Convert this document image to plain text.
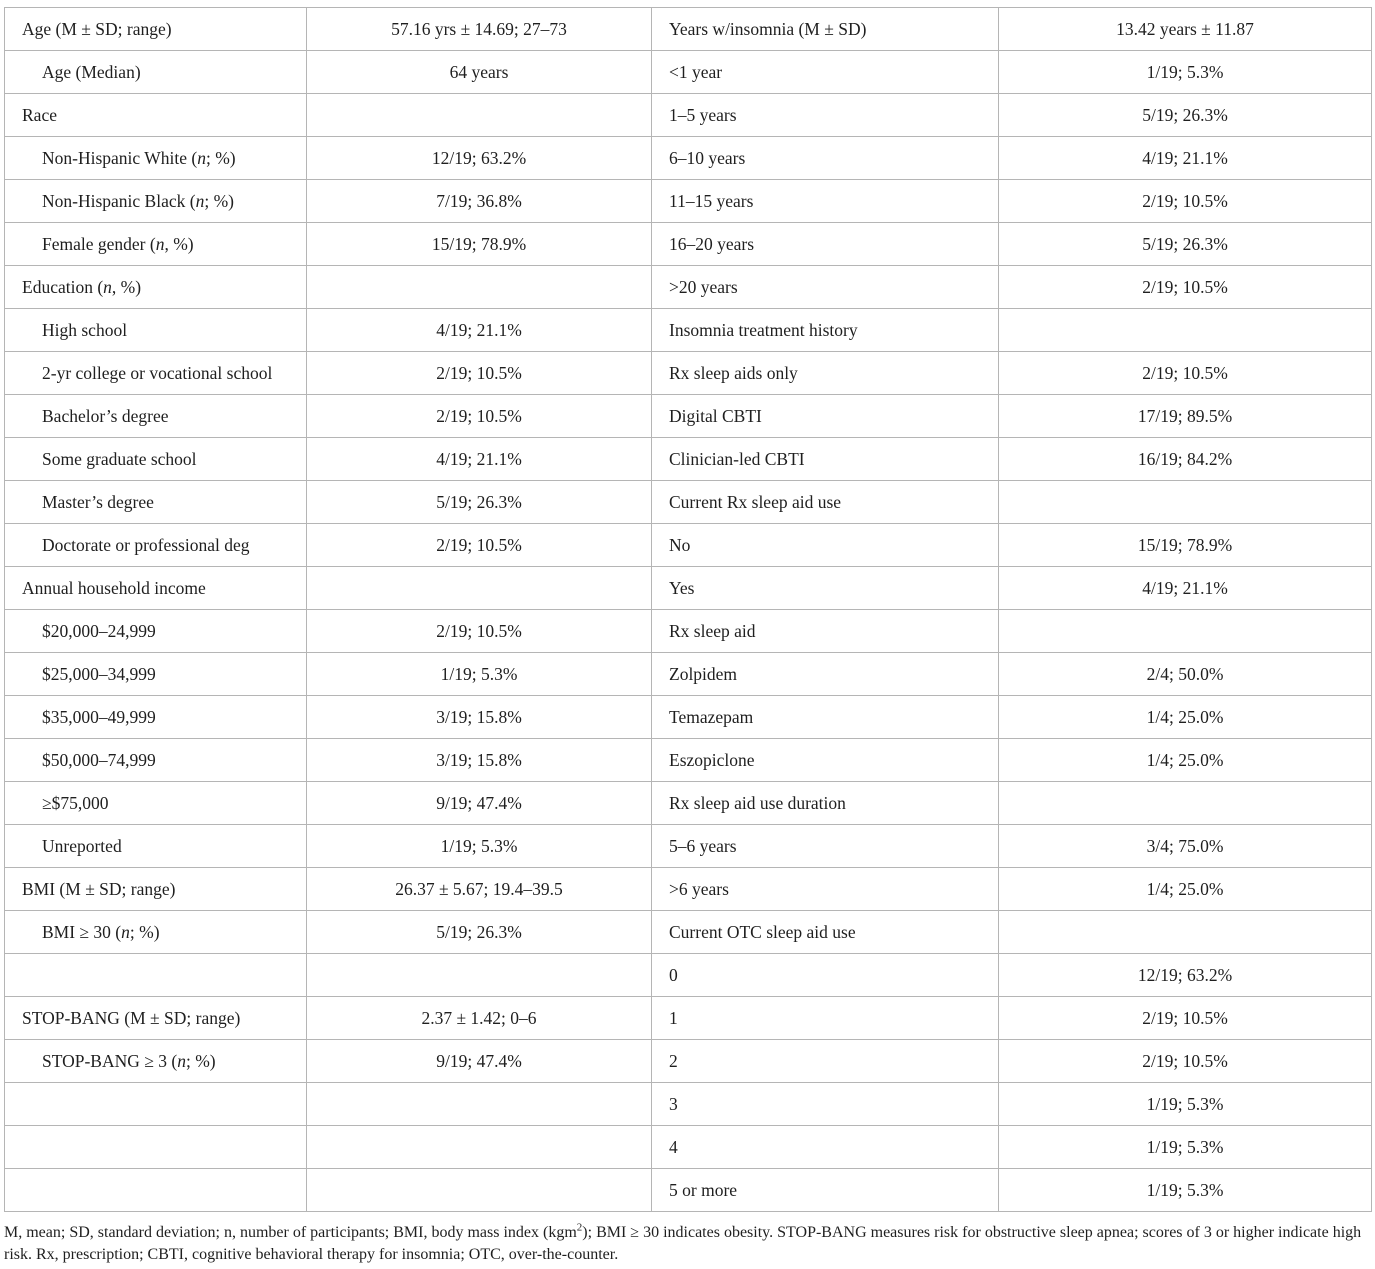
Age (M ± SD; range)	57.16 yrs ± 14.69; 27–73	Years w/insomnia (M ± SD)	13.42 years ± 11.87
Age (Median)	64 years	<1 year	1/19; 5.3%
Race		1–5 years	5/19; 26.3%
Non-Hispanic White (n; %)	12/19; 63.2%	6–10 years	4/19; 21.1%
Non-Hispanic Black (n; %)	7/19; 36.8%	11–15 years	2/19; 10.5%
Female gender (n, %)	15/19; 78.9%	16–20 years	5/19; 26.3%
Education (n, %)		>20 years	2/19; 10.5%
High school	4/19; 21.1%	Insomnia treatment history	
2-yr college or vocational school	2/19; 10.5%	Rx sleep aids only	2/19; 10.5%
Bachelor’s degree	2/19; 10.5%	Digital CBTI	17/19; 89.5%
Some graduate school	4/19; 21.1%	Clinician-led CBTI	16/19; 84.2%
Master’s degree	5/19; 26.3%	Current Rx sleep aid use	
Doctorate or professional deg	2/19; 10.5%	No	15/19; 78.9%
Annual household income		Yes	4/19; 21.1%
$20,000–24,999	2/19; 10.5%	Rx sleep aid	
$25,000–34,999	1/19; 5.3%	Zolpidem	2/4; 50.0%
$35,000–49,999	3/19; 15.8%	Temazepam	1/4; 25.0%
$50,000–74,999	3/19; 15.8%	Eszopiclone	1/4; 25.0%
≥$75,000	9/19; 47.4%	Rx sleep aid use duration	
Unreported	1/19; 5.3%	5–6 years	3/4; 75.0%
BMI (M ± SD; range)	26.37 ± 5.67; 19.4–39.5	>6 years	1/4; 25.0%
BMI ≥ 30 (n; %)	5/19; 26.3%	Current OTC sleep aid use	
		0	12/19; 63.2%
STOP-BANG (M ± SD; range)	2.37 ± 1.42; 0–6	1	2/19; 10.5%
STOP-BANG ≥ 3 (n; %)	9/19; 47.4%	2	2/19; 10.5%
		3	1/19; 5.3%
		4	1/19; 5.3%
		5 or more	1/19; 5.3%

M, mean; SD, standard deviation; n, number of participants; BMI, body mass index (kgm$^2$); BMI ≥ 30 indicates obesity. STOP-BANG measures risk for obstructive sleep apnea; scores of 3 or higher indicate high risk. Rx, prescription; CBTI, cognitive behavioral therapy for insomnia; OTC, over-the-counter.
